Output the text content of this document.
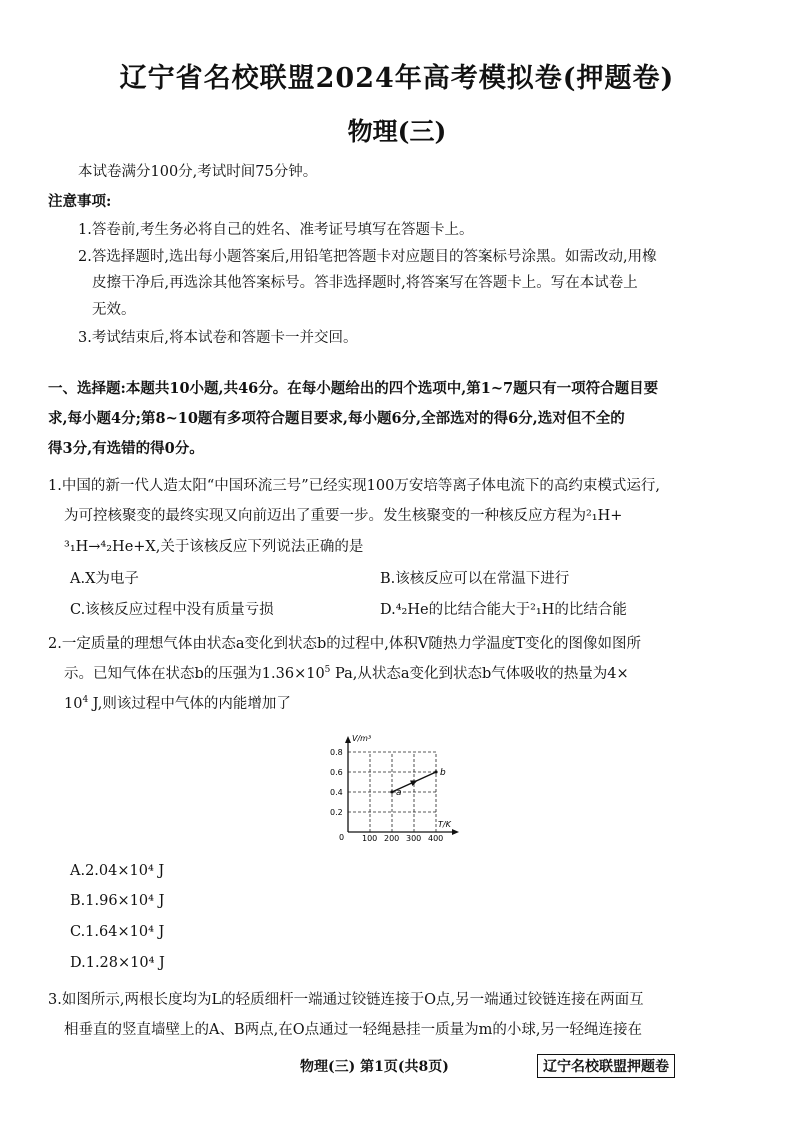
辽宁省名校联盟2024年高考模拟卷(押题卷)
物理(三)
本试卷满分100分,考试时间75分钟。
注意事项:
1.答卷前,考生务必将自己的姓名、准考证号填写在答题卡上。
2.答选择题时,选出每小题答案后,用铅笔把答题卡对应题目的答案标号涂黑。如需改动,用橡
皮擦干净后,再选涂其他答案标号。答非选择题时,将答案写在答题卡上。写在本试卷上
无效。
3.考试结束后,将本试卷和答题卡一并交回。
一、选择题:本题共10小题,共46分。在每小题给出的四个选项中,第1~7题只有一项符合题目要
求,每小题4分;第8~10题有多项符合题目要求,每小题6分,全部选对的得6分,选对但不全的
得3分,有选错的得0分。
1.中国的新一代人造太阳“中国环流三号”已经实现100万安培等离子体电流下的高约束模式运行,
为可控核聚变的最终实现又向前迈出了重要一步。发生核聚变的一种核反应方程为²₁H+
³₁H→⁴₂He+X,关于该核反应下列说法正确的是
A.X为电子	B.该核反应可以在常温下进行
C.该核反应过程中没有质量亏损	D.⁴₂He的比结合能大于²₁H的比结合能
2.一定质量的理想气体由状态a变化到状态b的过程中,体积V随热力学温度T变化的图像如图所
示。已知气体在状态b的压强为$1.36\times 10^5$ Pa,从状态a变化到状态b气体吸收的热量为4×
$10^4$ J,则该过程中气体的内能增加了
V/m³
T/K
0 100 200 300 400
0.2
0.4
0.6
0.8
a
b
A.2.04×10⁴ J
B.1.96×10⁴ J
C.1.64×10⁴ J
D.1.28×10⁴ J
3.如图所示,两根长度均为L的轻质细杆一端通过铰链连接于O点,另一端通过铰链连接在两面互
相垂直的竖直墙壁上的A、B两点,在O点通过一轻绳悬挂一质量为m的小球,另一轻绳连接在
物理(三) 第1页(共8页)	辽宁名校联盟押题卷
